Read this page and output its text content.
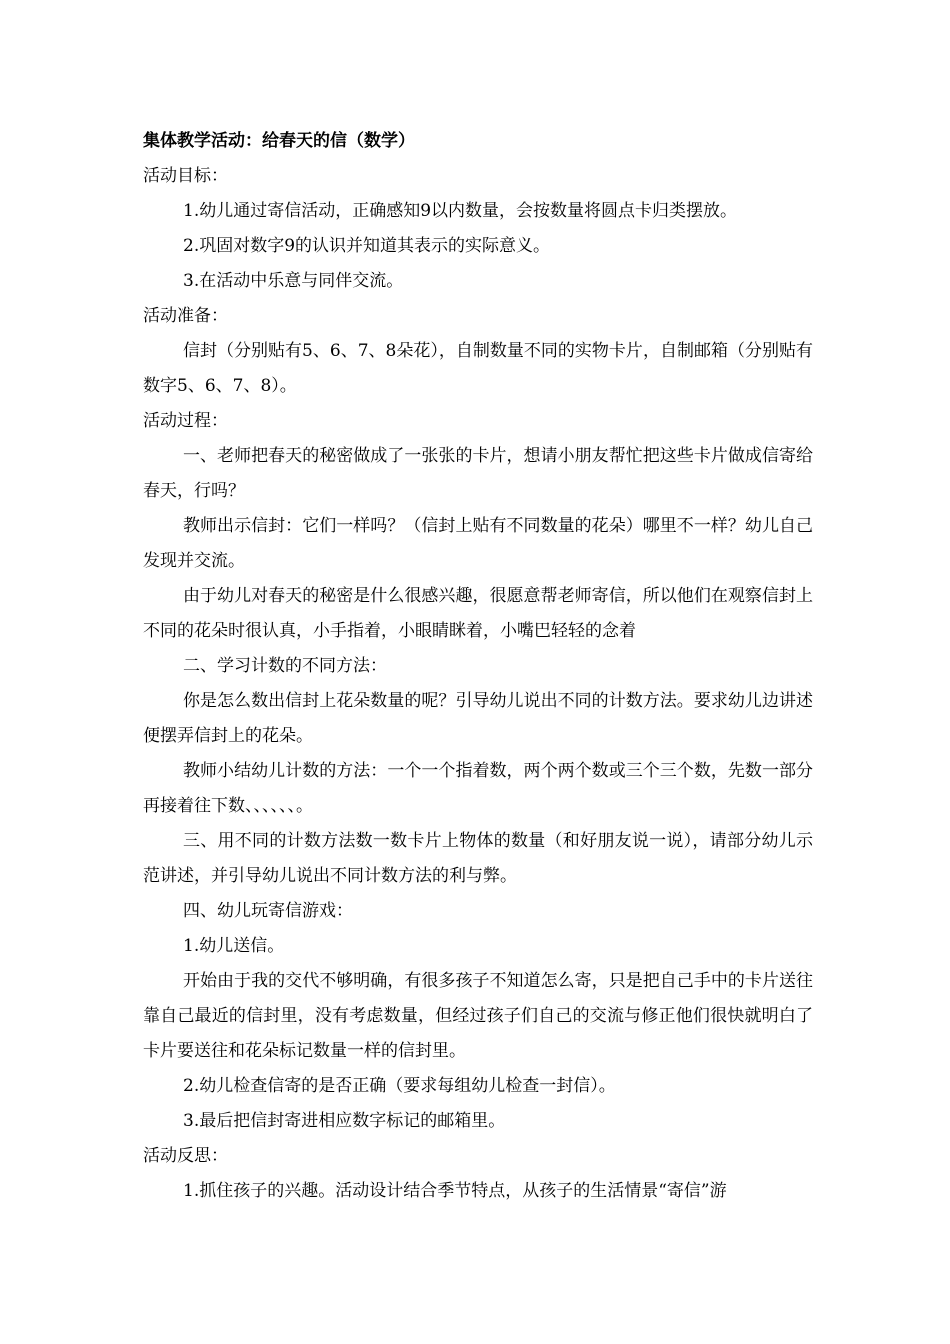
集体教学活动：给春天的信（数学）
活动目标：
1.幼儿通过寄信活动，正确感知9以内数量，会按数量将圆点卡归类摆放。
2.巩固对数字9的认识并知道其表示的实际意义。
3.在活动中乐意与同伴交流。
活动准备：

信封（分别贴有5、6、7、8朵花），自制数量不同的实物卡片，自制邮箱（分别贴有数字5、6、7、8）。

活动过程：

一、老师把春天的秘密做成了一张张的卡片，想请小朋友帮忙把这些卡片做成信寄给春天，行吗？

教师出示信封：它们一样吗？（信封上贴有不同数量的花朵）哪里不一样？幼儿自己发现并交流。

由于幼儿对春天的秘密是什么很感兴趣，很愿意帮老师寄信，所以他们在观察信封上不同的花朵时很认真，小手指着，小眼睛眯着，小嘴巴轻轻的念着

二、学习计数的不同方法：

你是怎么数出信封上花朵数量的呢？引导幼儿说出不同的计数方法。要求幼儿边讲述便摆弄信封上的花朵。

教师小结幼儿计数的方法：一个一个指着数，两个两个数或三个三个数，先数一部分再接着往下数、、、、、、。

三、用不同的计数方法数一数卡片上物体的数量（和好朋友说一说），请部分幼儿示范讲述，并引导幼儿说出不同计数方法的利与弊。

四、幼儿玩寄信游戏：

1.幼儿送信。

开始由于我的交代不够明确，有很多孩子不知道怎么寄，只是把自己手中的卡片送往靠自己最近的信封里，没有考虑数量，但经过孩子们自己的交流与修正他们很快就明白了卡片要送往和花朵标记数量一样的信封里。

2.幼儿检查信寄的是否正确（要求每组幼儿检查一封信）。

3.最后把信封寄进相应数字标记的邮箱里。

活动反思：
1.抓住孩子的兴趣。活动设计结合季节特点，从孩子的生活情景“寄信”游
